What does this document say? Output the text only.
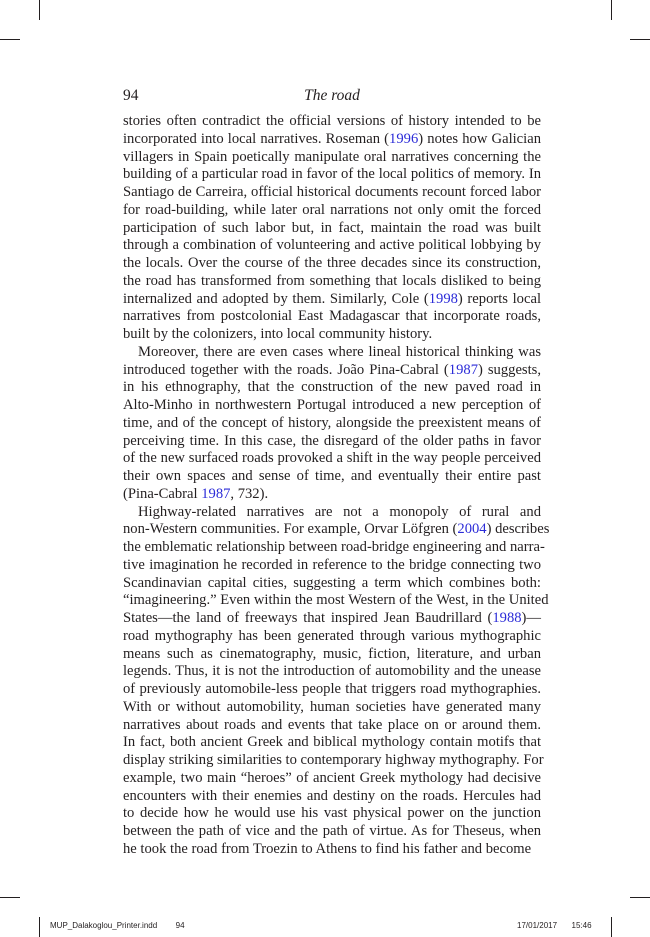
94	The road

stories often contradict the official versions of history intended to be
incorporated into local narratives. Roseman (1996) notes how Galician
villagers in Spain poetically manipulate oral narratives concerning the
building of a particular road in favor of the local politics of memory. In
Santiago de Carreira, official historical documents recount forced labor
for road-building, while later oral narrations not only omit the forced
participation of such labor but, in fact, maintain the road was built
through a combination of volunteering and active political lobbying by
the locals. Over the course of the three decades since its construction,
the road has transformed from something that locals disliked to being
internalized and adopted by them. Similarly, Cole (1998) reports local
narratives from postcolonial East Madagascar that incorporate roads,
built by the colonizers, into local community history.

Moreover, there are even cases where lineal historical thinking was
introduced together with the roads. João Pina-Cabral (1987) suggests,
in his ethnography, that the construction of the new paved road in
Alto-Minho in northwestern Portugal introduced a new perception of
time, and of the concept of history, alongside the preexistent means of
perceiving time. In this case, the disregard of the older paths in favor
of the new surfaced roads provoked a shift in the way people perceived
their own spaces and sense of time, and eventually their entire past
(Pina-Cabral 1987, 732).

Highway-related narratives are not a monopoly of rural and
non-Western communities. For example, Orvar Löfgren (2004) describes
the emblematic relationship between road-bridge engineering and narra-
tive imagination he recorded in reference to the bridge connecting two
Scandinavian capital cities, suggesting a term which combines both:
“imagineering.” Even within the most Western of the West, in the United
States—the land of freeways that inspired Jean Baudrillard (1988)—
road mythography has been generated through various mythographic
means such as cinematography, music, fiction, literature, and urban
legends. Thus, it is not the introduction of automobility and the unease
of previously automobile-less people that triggers road mythographies.
With or without automobility, human societies have generated many
narratives about roads and events that take place on or around them.
In fact, both ancient Greek and biblical mythology contain motifs that
display striking similarities to contemporary highway mythography. For
example, two main “heroes” of ancient Greek mythology had decisive
encounters with their enemies and destiny on the roads. Hercules had
to decide how he would use his vast physical power on the junction
between the path of vice and the path of virtue. As for Theseus, when
he took the road from Troezin to Athens to find his father and become

MUP_Dalakoglou_Printer.indd 94	17/01/2017 15:46
